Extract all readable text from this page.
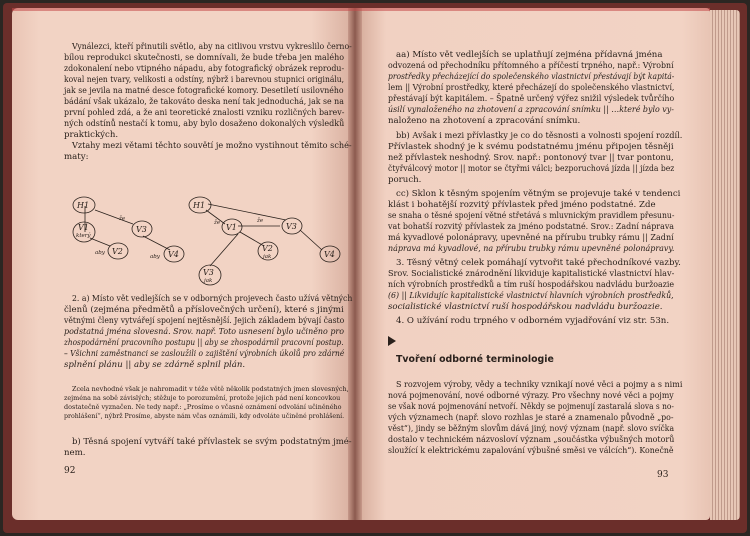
Vynálezci, kteří přinutili světlo, aby na citlivou vrstvu vykreslilo černo-
bílou reprodukci skutečnosti, se domnívali, že bude třeba jen malého
zdokonalení nebo vtipného nápadu, aby fotografický obrázek reprodu-
koval nejen tvary, velikosti a odstíny, nýbrž i barevnou stupnici originálu,
jak se jevila na matné desce fotografické komory. Desetiletí usilovného
bádání však ukázalo, že takováto deska není tak jednoduchá, jak se na
první pohled zdá, a že ani teoretické znalosti vzniku rozličných barev-
ných odstínů nestačí k tomu, aby bylo dosaženo dokonalých výsledků
praktických.
Vztahy mezi větami těchto souvětí je možno vystihnout těmito sché-
maty:
2. a) Místo vět vedlejších se v odborných projevech často užívá větných
členů (zejména předmětů a příslovečných určení), které s jinými
větnými členy vytvářejí spojení nejtěsnější. Jejich základem bývají často
podstatná jména slovesná. Srov. např. Toto usnesení bylo učiněno pro
zhospodárnění pracovního postupu || aby se zhospodárnil pracovní postup.
– Všichni zaměstnanci se zasloužili o zajištění výrobních úkolů pro zdárné
splnění plánu || aby se zdárně splnil plán.
Zcela nevhodné však je nahromadit v téže větě několik podstatných jmen slovesných,
zejména na sobě závislých; stěžuje to porozumění, protože jejich pád není koncovkou
dostatečně vyznačen. Ne tedy např.: „Prosíme o včasné oznámení odvolání učiněného
prohlášení“, nýbrž Prosíme, abyste nám včas oznámili, kdy odvoláte učiněné prohlášení.
b) Těsná spojení vytváří také přívlastek se svým podstatným jmé-
nem.
92
H1
V1
který
V3
V2	V4
že
aby
aby
H1
V1
V2
jak
V3
V4
V3
jak
že	že
aa) Místo vět vedlejších se uplatňují zejména přídavná jména
odvozená od přechodníku přítomného a příčestí trpného, např.: Výrobní
prostředky přecházející do společenského vlastnictví přestávají být kapitá-
lem || Výrobní prostředky, které přecházejí do společenského vlastnictví,
přestávají být kapitálem. – Špatně určený výřez snižil výsledek tvůrčího
úsilí vynaloženého na zhotovení a zpracování snímku || …které bylo vy-
naloženo na zhotovení a zpracování snímku.
bb) Avšak i mezi přívlastky je co do těsnosti a volnosti spojení rozdíl.
Přívlastek shodný je k svému podstatnému jménu připojen těsněji
než přívlastek neshodný. Srov. např.: pontonový tvar || tvar pontonu,
čtyřválcový motor || motor se čtyřmi válci; bezporuchová jízda || jízda bez
poruch.
cc) Sklon k těsným spojením větným se projevuje také v tendenci
klást i bohatější rozvitý přívlastek před jméno podstatné. Zde
se snaha o těsné spojení větné střetává s mluvnickým pravidlem přesunu-
vat bohatší rozvitý přívlastek za jméno podstatné. Srov.: Zadní náprava
má kyvadlové polonápravy, upevněné na přírubu trubky rámu || Zadní
náprava má kyvadlové, na přírubu trubky rámu upevněné polonápravy.
3. Těsný větný celek pomáhají vytvořit také přechodníkové vazby.
Srov. Socialistické znárodnění likviduje kapitalistické vlastnictví hlav-
ních výrobních prostředků a tím ruší hospodářskou nadvládu buržoazie
(6) || Likvidujíc kapitalistické vlastnictví hlavních výrobních prostředků,
socialistické vlastnictví ruší hospodářskou nadvládu buržoazie.
4. O užívání rodu trpného v odborném vyjadřování viz str. 53n.
Tvoření odborné terminologie
S rozvojem výroby, vědy a techniky vznikají nové věci a pojmy a s nimi
nová pojmenování, nové odborné výrazy. Pro všechny nové věci a pojmy
se však nová pojmenování netvoří. Někdy se pojmenují zastaralá slova s no-
vých významech (např. slovo rozhlas je staré a znamenalo původně „po-
věst“), jindy se běžným slovům dává jiný, nový význam (např. slovo svíčka
dostalo v technickém názvosloví význam „součástka výbušných motorů
sloužící k elektrickému zapalování výbušné směsi ve válcích“). Konečně
93
